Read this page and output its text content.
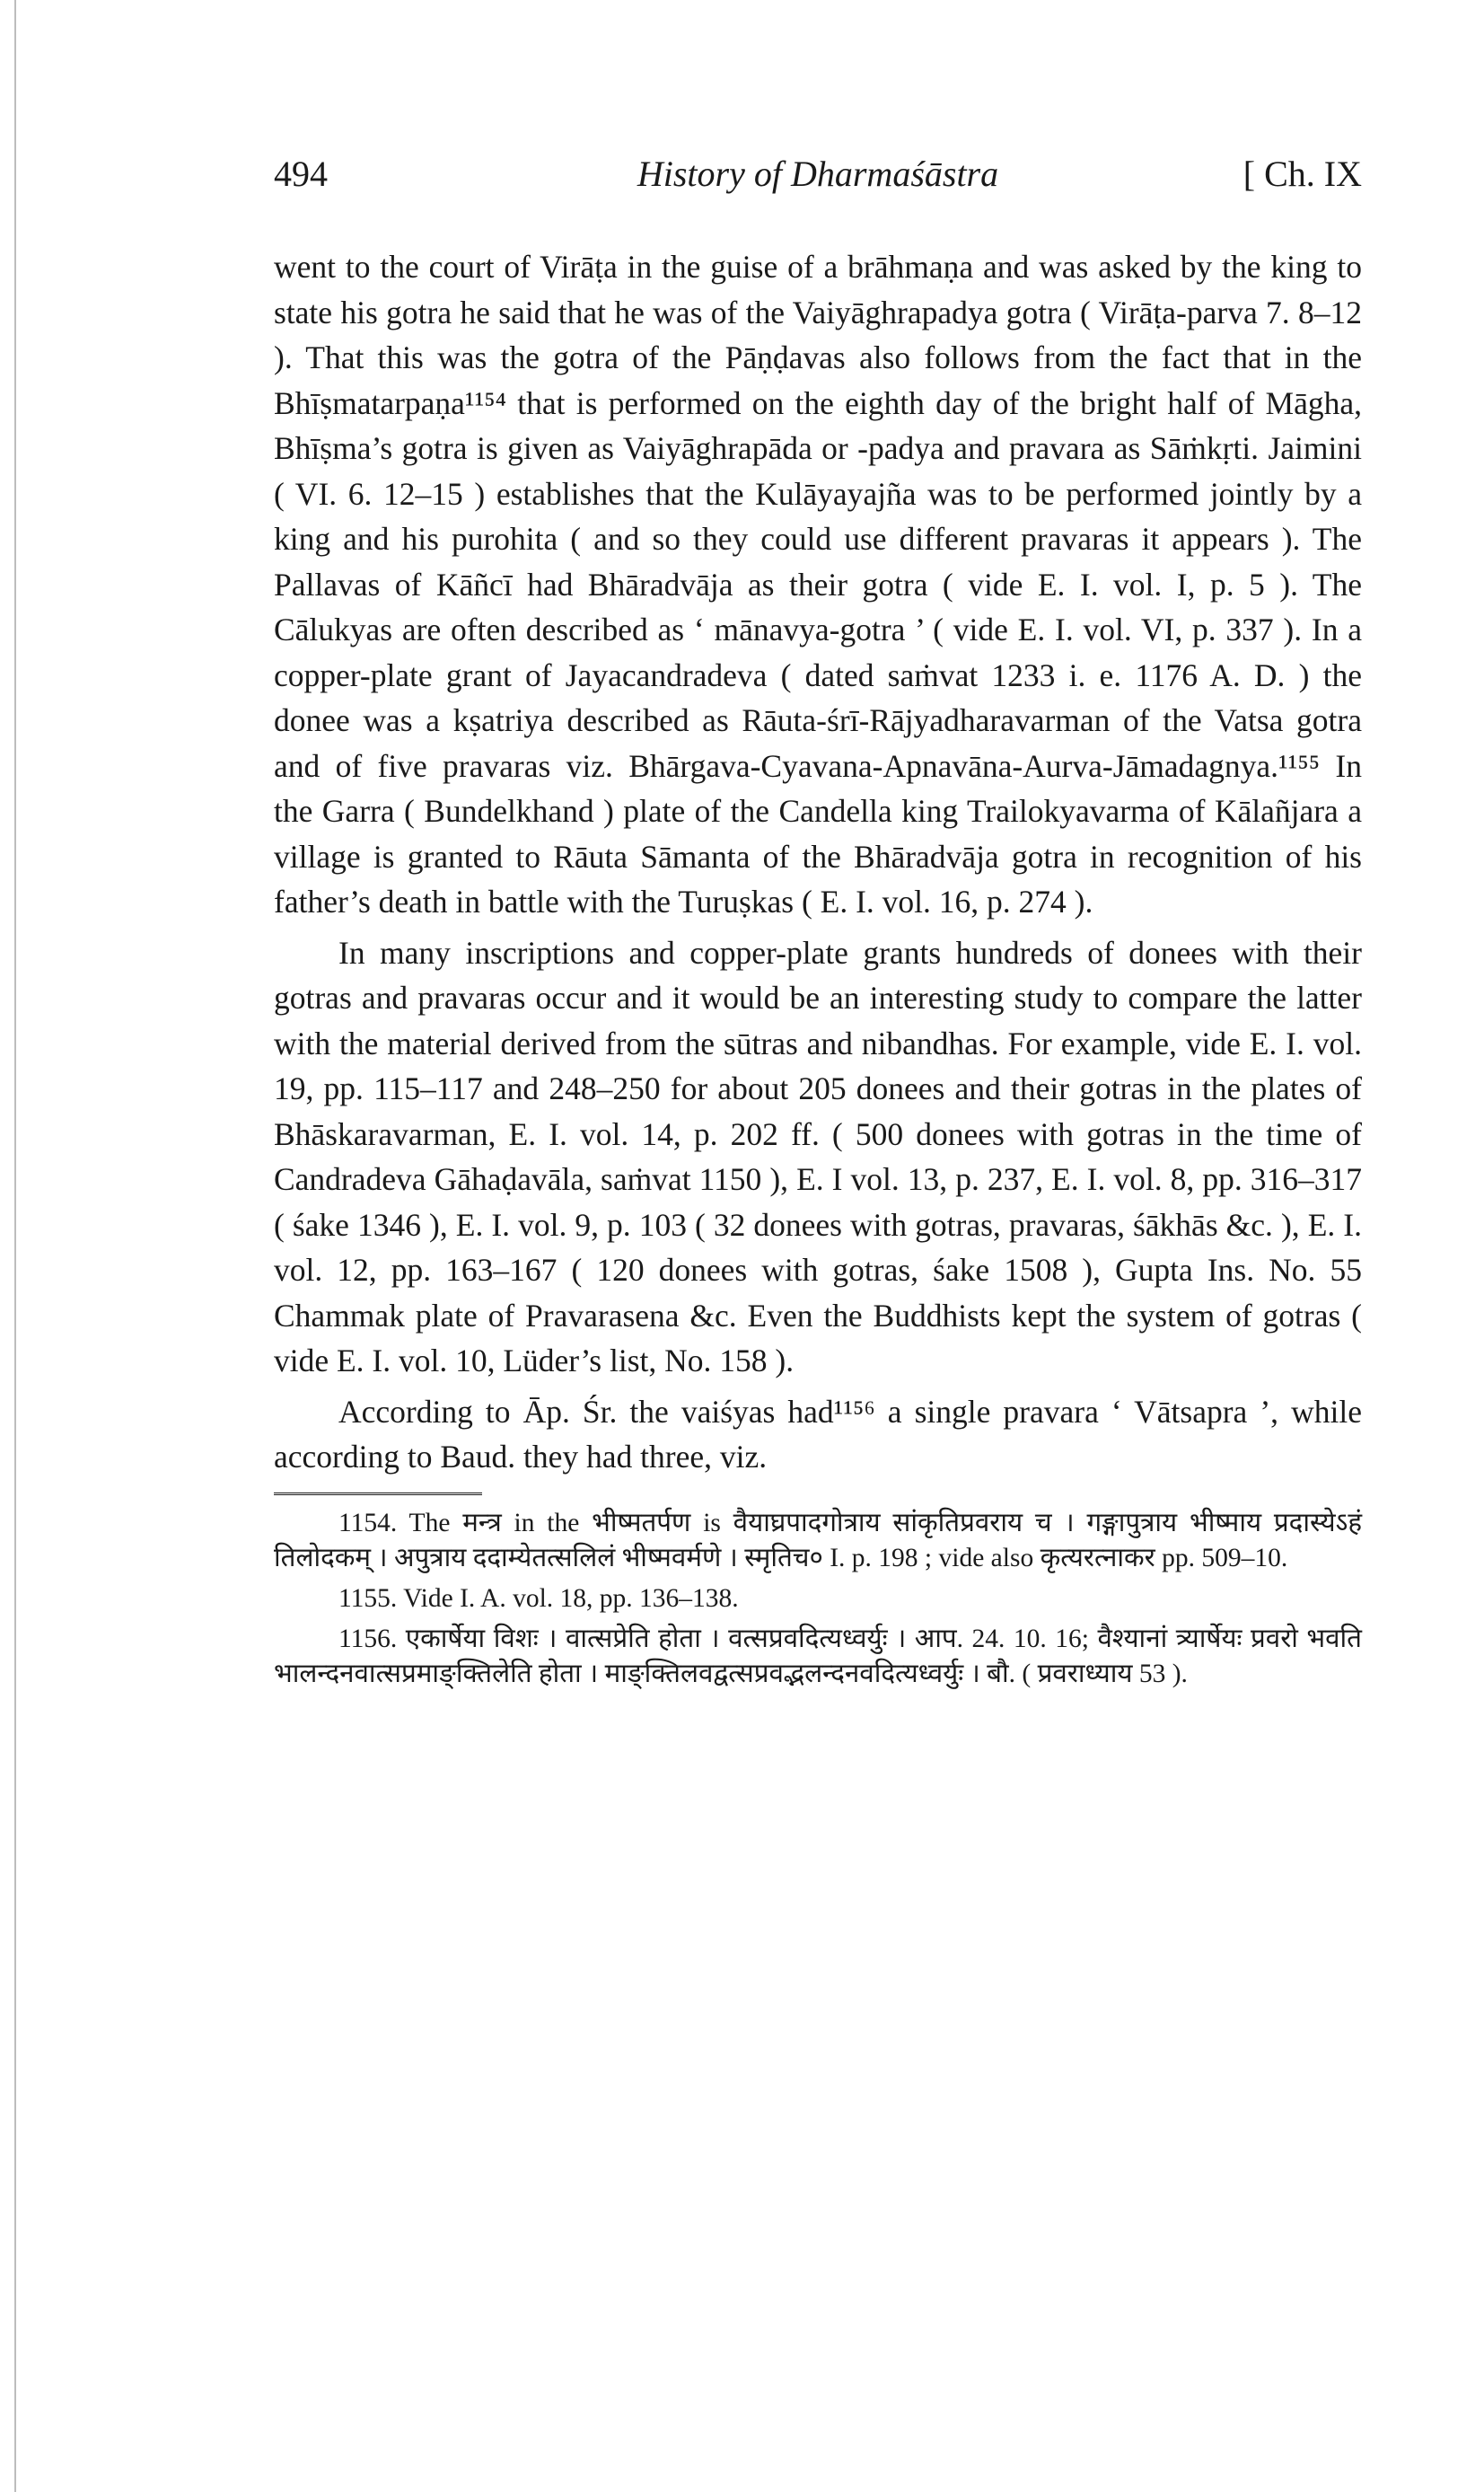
494	History of Dharmaśāstra	[ Ch. IX

went to the court of Virāṭa in the guise of a brāhmaṇa and was asked by the king to state his gotra he said that he was of the Vaiyāghrapadya gotra ( Virāṭa-parva 7. 8–12 ). That this was the gotra of the Pāṇḍavas also follows from the fact that in the Bhīṣmatarpaṇa¹¹⁵⁴ that is performed on the eighth day of the bright half of Māgha, Bhīṣma’s gotra is given as Vaiyāghrapāda or -padya and pravara as Sāṁkṛti. Jaimini ( VI. 6. 12–15 ) establishes that the Kulāyayajña was to be performed jointly by a king and his purohita ( and so they could use different pravaras it appears ). The Pallavas of Kāñcī had Bhāradvāja as their gotra ( vide E. I. vol. I, p. 5 ). The Cālukyas are often described as ‘ mānavya-gotra ’ ( vide E. I. vol. VI, p. 337 ). In a copper-plate grant of Jayacandradeva ( dated saṁvat 1233 i. e. 1176 A. D. ) the donee was a kṣatriya described as Rāuta-śrī-Rājyadharavarman of the Vatsa gotra and of five pravaras viz. Bhārgava-Cyavana-Apnavāna-Aurva-Jāmadagnya.¹¹⁵⁵ In the Garra ( Bundelkhand ) plate of the Candella king Trailokyavarma of Kālañjara a village is granted to Rāuta Sāmanta of the Bhāradvāja gotra in recognition of his father’s death in battle with the Turuṣkas ( E. I. vol. 16, p. 274 ).

In many inscriptions and copper-plate grants hundreds of donees with their gotras and pravaras occur and it would be an interesting study to compare the latter with the material derived from the sūtras and nibandhas. For example, vide E. I. vol. 19, pp. 115–117 and 248–250 for about 205 donees and their gotras in the plates of Bhāskaravarman, E. I. vol. 14, p. 202 ff. ( 500 donees with gotras in the time of Candradeva Gāhaḍavāla, saṁvat 1150 ), E. I vol. 13, p. 237, E. I. vol. 8, pp. 316–317 ( śake 1346 ), E. I. vol. 9, p. 103 ( 32 donees with gotras, pravaras, śākhās &c. ), E. I. vol. 12, pp. 163–167 ( 120 donees with gotras, śake 1508 ), Gupta Ins. No. 55 Chammak plate of Pravarasena &c. Even the Buddhists kept the system of gotras ( vide E. I. vol. 10, Lüder’s list, No. 158 ).

According to Āp. Śr. the vaiśyas had¹¹⁵⁶ a single pravara ‘ Vātsapra ’, while according to Baud. they had three, viz.

1154. The मन्त्र in the भीष्मतर्पण is वैयाघ्रपादगोत्राय सांकृतिप्रवराय च । गङ्गापुत्राय भीष्माय प्रदास्येऽहं तिलोदकम् । अपुत्राय ददाम्येतत्सलिलं भीष्मवर्मणे । स्मृतिच० I. p. 198 ; vide also कृत्यरत्नाकर pp. 509–10.

1155. Vide I. A. vol. 18, pp. 136–138.

1156. एकार्षेया विशः । वात्सप्रेति होता । वत्सप्रवदित्यध्वर्युः । आप. 24. 10. 16; वैश्यानां त्र्यार्षेयः प्रवरो भवति भालन्दनवात्सप्रमाङ्क्तिलेति होता । माङ्क्तिलवद्वत्सप्रवद्भलन्दनवदित्यध्वर्युः । बौ. ( प्रवराध्याय 53 ).
